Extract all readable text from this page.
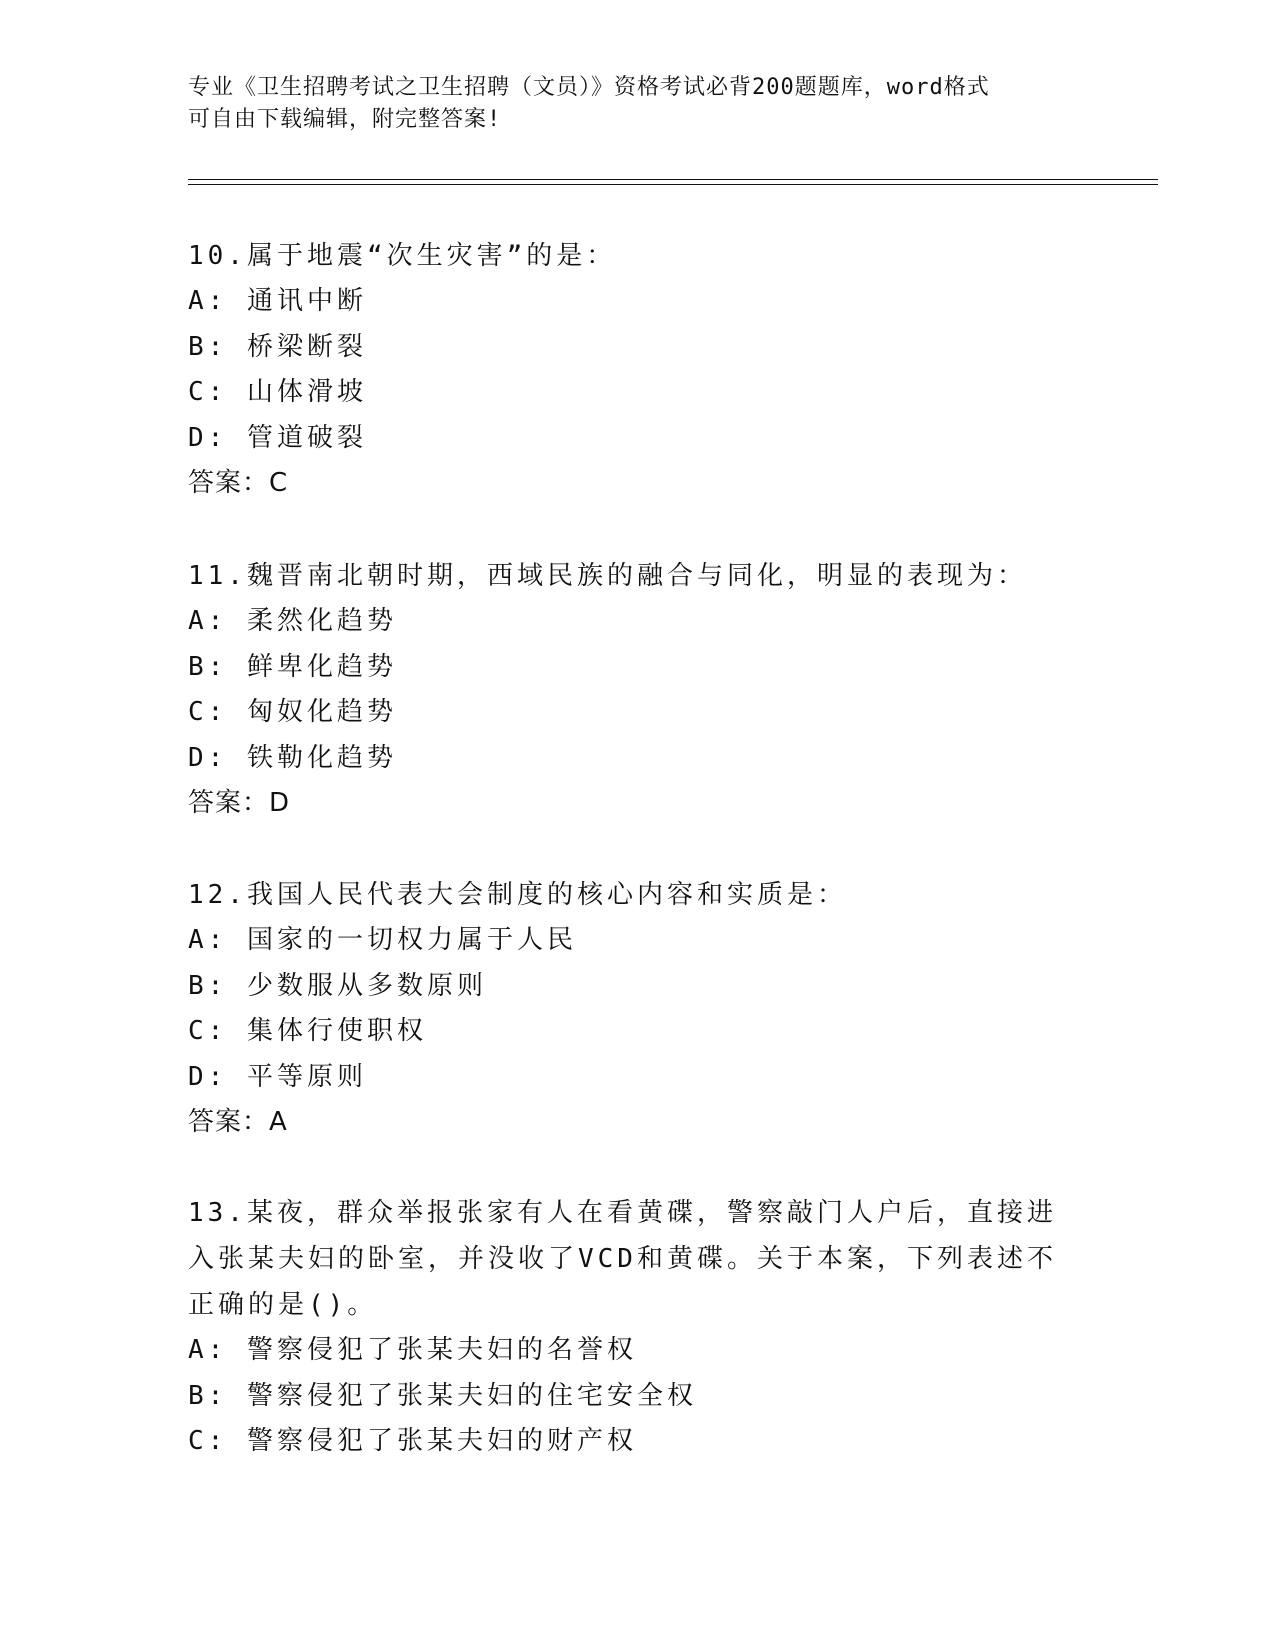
专业《卫生招聘考试之卫生招聘（文员）》资格考试必背200题题库，word格式
可自由下载编辑，附完整答案!

10.属于地震“次生灾害”的是：

A: 通讯中断

B: 桥梁断裂

C: 山体滑坡

D: 管道破裂

答案：C

11.魏晋南北朝时期，西域民族的融合与同化，明显的表现为：

A: 柔然化趋势

B: 鲜卑化趋势

C: 匈奴化趋势

D: 铁勒化趋势

答案：D

12.我国人民代表大会制度的核心内容和实质是：

A: 国家的一切权力属于人民

B: 少数服从多数原则

C: 集体行使职权

D: 平等原则

答案：A

13.某夜，群众举报张家有人在看黄碟，警察敲门人户后，直接进入张某夫妇的卧室，并没收了VCD和黄碟。关于本案，下列表述不正确的是()。

A: 警察侵犯了张某夫妇的名誉权

B: 警察侵犯了张某夫妇的住宅安全权

C: 警察侵犯了张某夫妇的财产权
